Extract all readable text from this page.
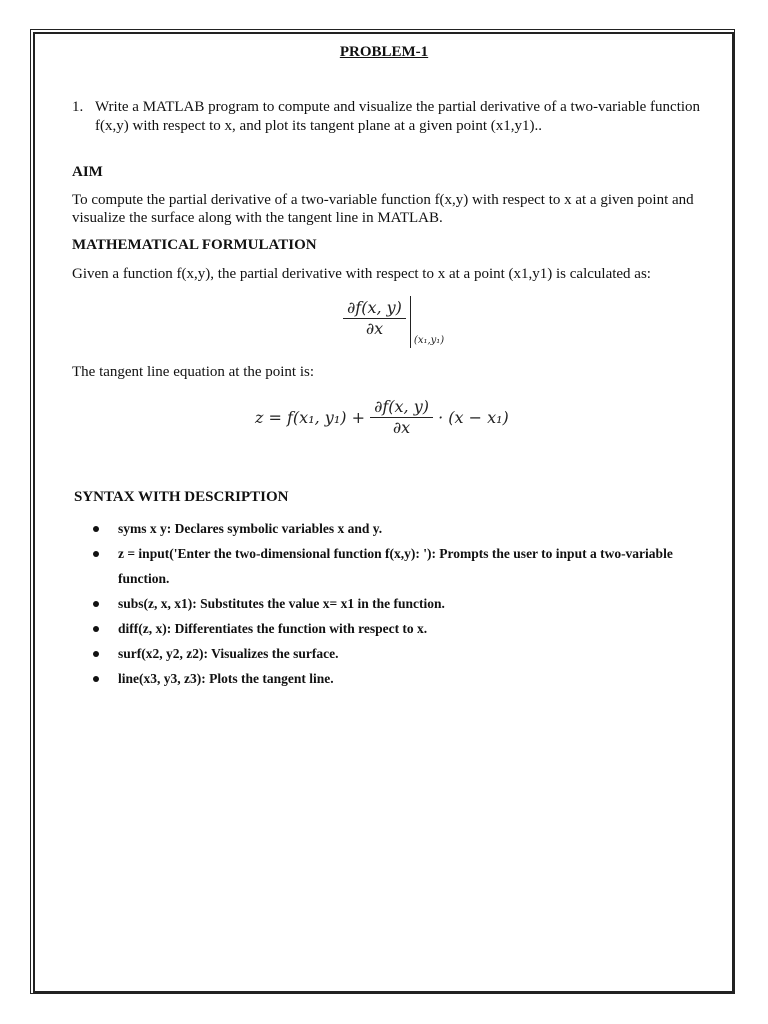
PROBLEM-1
1. Write a MATLAB program to compute and visualize the partial derivative of a two-variable function f(x,y) with respect to x, and plot its tangent plane at a given point (x1,y1)..
AIM
To compute the partial derivative of a two-variable function f(x,y) with respect to x at a given point and visualize the surface along with the tangent line in MATLAB.
MATHEMATICAL FORMULATION
Given a function f(x,y), the partial derivative with respect to x at a point (x1,y1) is calculated as:
$\frac{\partial f(x, y)}{\partial x}$
(x₁,y₁)
The tangent line equation at the point is:
z = f(x₁, $y_1) + \frac{\partial f(x, y)}{\partial x} \cdot (x - x_1)$
SYNTAX WITH DESCRIPTION
syms x y: Declares symbolic variables x and y.
z = input('Enter the two-dimensional function f(x,y): '): Prompts the user to input a two-variable function.
subs(z, x, x1): Substitutes the value x= x1 in the function.
diff(z, x): Differentiates the function with respect to x.
surf(x2, y2, z2): Visualizes the surface.
line(x3, y3, z3): Plots the tangent line.
